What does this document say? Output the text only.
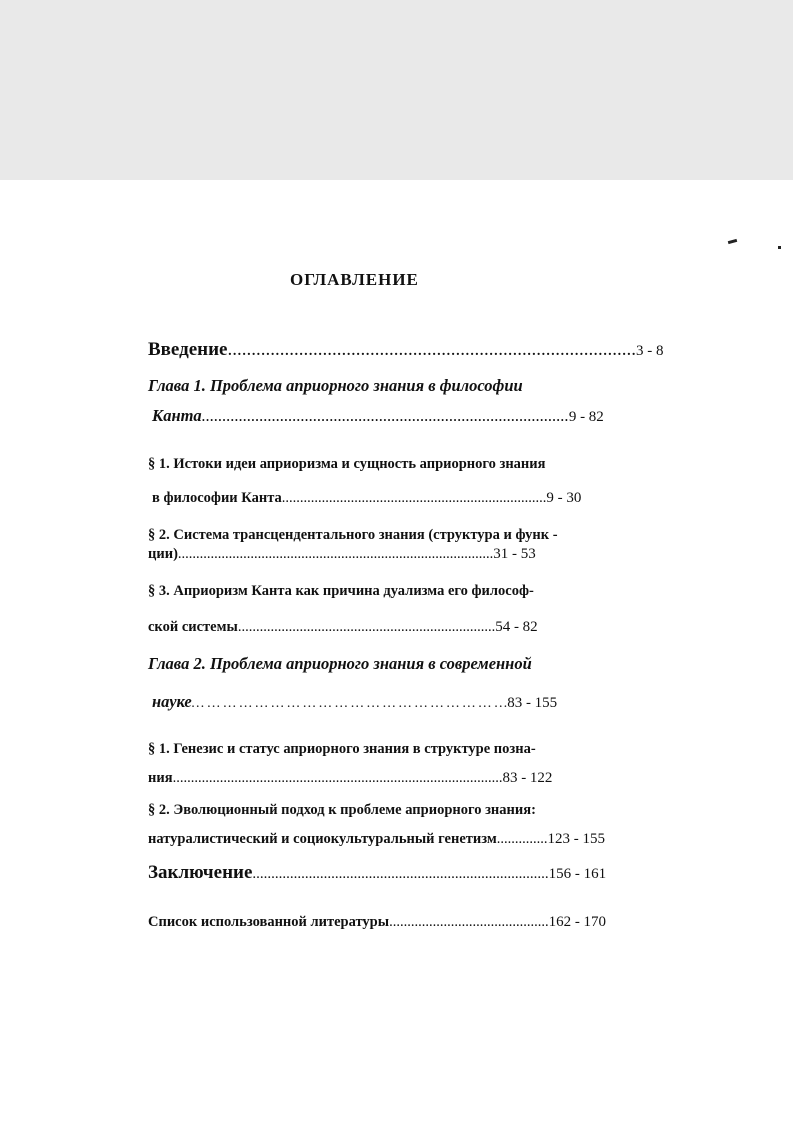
ОГЛАВЛЕНИЕ
Введение......................................................................................3 - 8
Глава 1. Проблема априорного знания в философии
Канта.........................................................................................9 - 82
§ 1. Истоки идеи априоризма и сущность априорного знания
в философии Канта.........................................................................9 - 30
§ 2. Система трансцендентального знания (структура и функ -
ции).......................................................................................31 - 53
§ 3. Априоризм Канта как причина дуализма его философ-
ской системы.......................................................................54 - 82
Глава 2. Проблема априорного знания в современной
науке… … … … … … … … … … … … … … … … … … … …83 - 155
§ 1. Генезис и статус априорного знания в структуре позна-
ния...........................................................................................83 - 122
§ 2. Эволюционный подход к проблеме априорного знания:
натуралистический и социокультуральный генетизм..............123 - 155
Заключение...............................................................................156 - 161
Список использованной литературы............................................162 - 170
